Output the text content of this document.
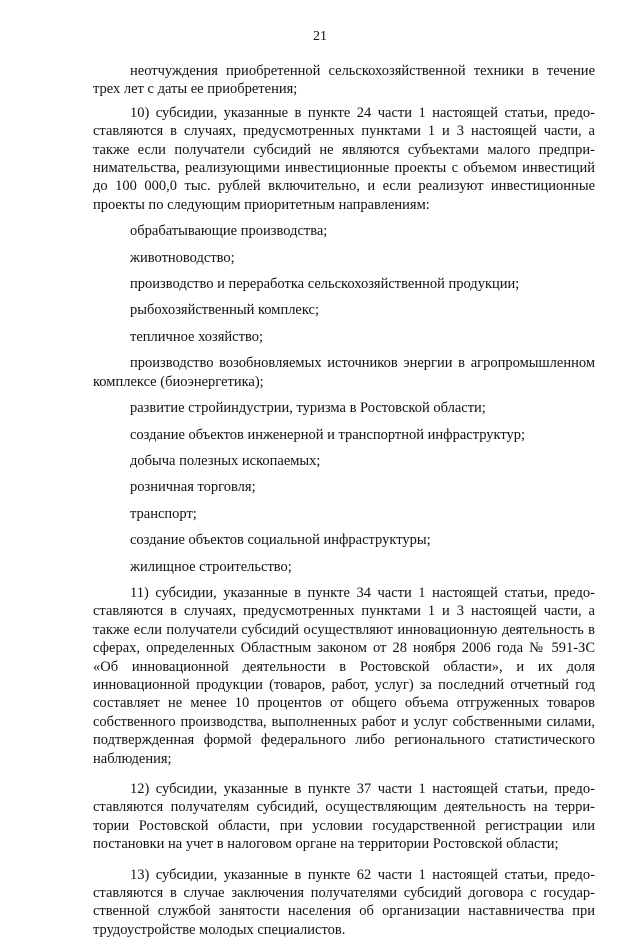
21

неотчуждения приобретенной сельскохозяйственной техники в течение трех лет с даты ее приобретения;

10) субсидии, указанные в пункте 24 части 1 настоящей статьи, предоставляются в случаях, предусмотренных пунктами 1 и 3 настоящей части, а также если получатели субсидий не являются субъектами малого предпринимательства, реализующими инвестиционные проекты с объемом инвестиций до 100 000,0 тыс. рублей включительно, и если реализуют инвестиционные проекты по следующим приоритетным направлениям:

обрабатывающие производства;

животноводство;

производство и переработка сельскохозяйственной продукции;

рыбохозяйственный комплекс;

тепличное хозяйство;

производство возобновляемых источников энергии в агропромышленном комплексе (биоэнергетика);

развитие стройиндустрии, туризма в Ростовской области;

создание объектов инженерной и транспортной инфраструктур;

добыча полезных ископаемых;

розничная торговля;

транспорт;

создание объектов социальной инфраструктуры;

жилищное строительство;

11) субсидии, указанные в пункте 34 части 1 настоящей статьи, предоставляются в случаях, предусмотренных пунктами 1 и 3 настоящей части, а также если получатели субсидий осуществляют инновационную деятельность в сферах, определенных Областным законом от 28 ноября 2006 года № 591-ЗС «Об инновационной деятельности в Ростовской области», и их доля инновационной продукции (товаров, работ, услуг) за последний отчетный год составляет не менее 10 процентов от общего объема отгруженных товаров собственного производства, выполненных работ и услуг собственными силами, подтвержденная формой федерального либо регионального статистического наблюдения;

12) субсидии, указанные в пункте 37 части 1 настоящей статьи, предоставляются получателям субсидий, осуществляющим деятельность на территории Ростовской области, при условии государственной регистрации или постановки на учет в налоговом органе на территории Ростовской области;

13) субсидии, указанные в пункте 62 части 1 настоящей статьи, предоставляются в случае заключения получателями субсидий договора с государственной службой занятости населения об организации наставничества при трудоустройстве молодых специалистов.
